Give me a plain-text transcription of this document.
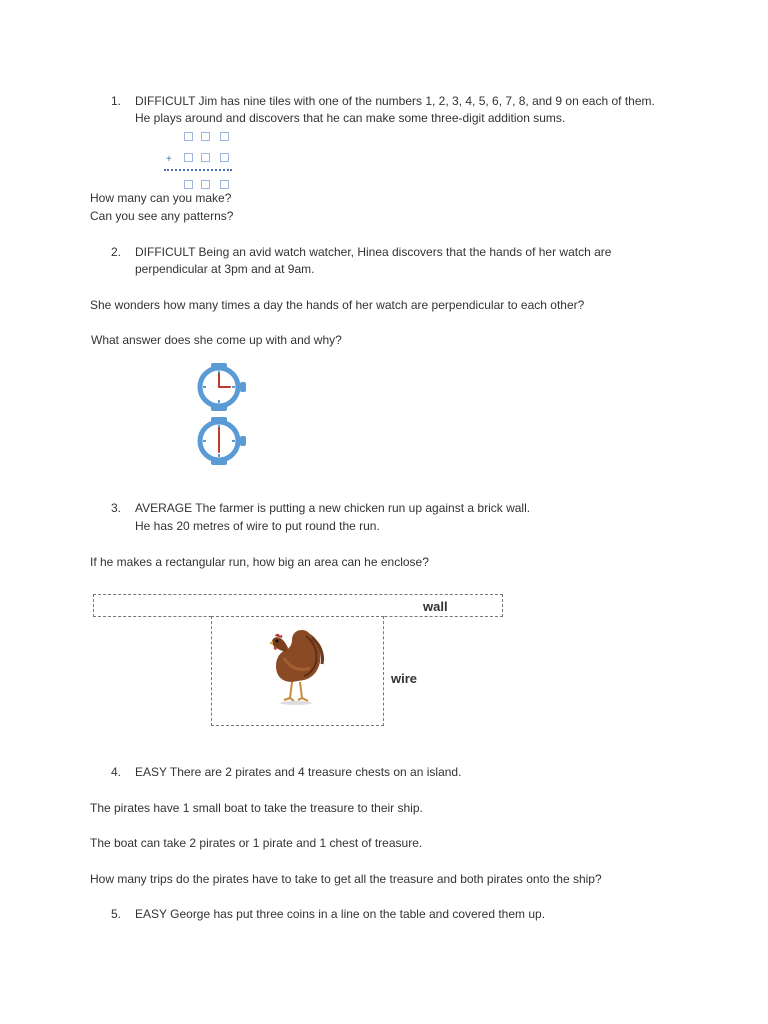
1. DIFFICULT Jim has nine tiles with one of the numbers 1, 2, 3, 4, 5, 6, 7, 8, and 9 on each of them.
He plays around and discovers that he can make some three-digit addition sums.
+
How many can you make?
Can you see any patterns?
2. DIFFICULT Being an avid watch watcher, Hinea discovers that the hands of her watch are
perpendicular at 3pm and at 9am.
She wonders how many times a day the hands of her watch are perpendicular to each other?
What answer does she come up with and why?
3. AVERAGE The farmer is putting a new chicken run up against a brick wall.
He has 20 metres of wire to put round the run.
If he makes a rectangular run, how big an area can he enclose?
wall
wire
4. EASY There are 2 pirates and 4 treasure chests on an island.
The pirates have 1 small boat to take the treasure to their ship.
The boat can take 2 pirates or 1 pirate and 1 chest of treasure.
How many trips do the pirates have to take to get all the treasure and both pirates onto the ship?
5. EASY George has put three coins in a line on the table and covered them up.
